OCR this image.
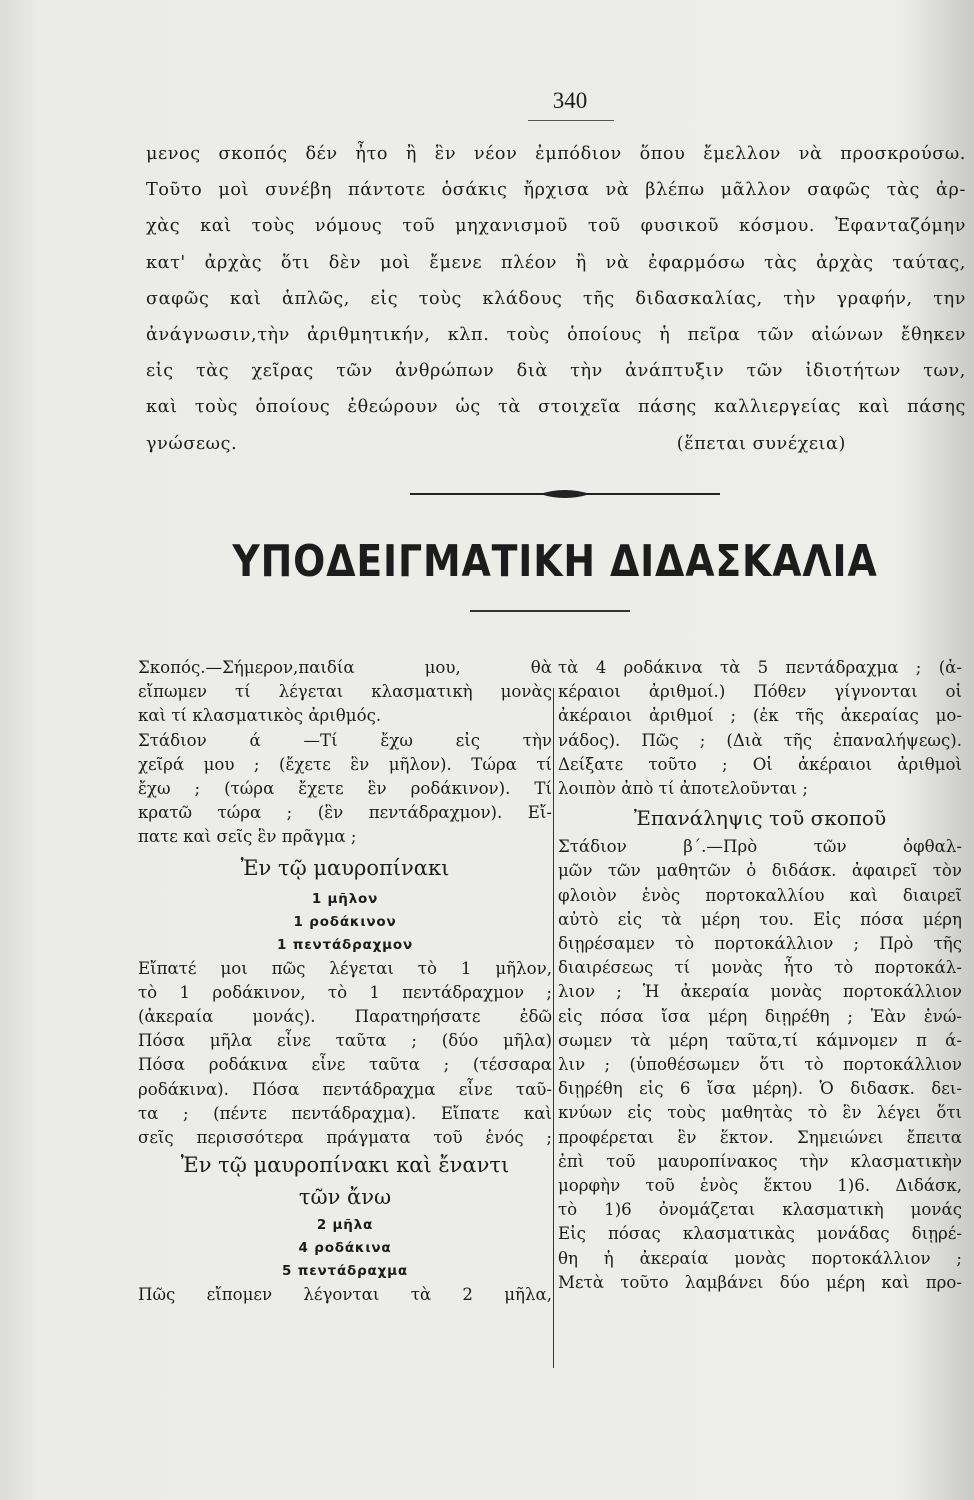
340
μενος σκοπός δέν ἦτο ἢ ἓν νέον ἐμπόδιον ὅπου ἔμελλον νὰ προσκρούσω.
Τοῦτο μοὶ συνέβη πάντοτε ὁσάκις ἤρχισα νὰ βλέπω μᾶλλον σαφῶς τὰς ἀρ-
χὰς καὶ τοὺς νόμους τοῦ μηχανισμοῦ τοῦ φυσικοῦ κόσμου. Ἐφανταζόμην
κατ' ἀρχὰς ὅτι δὲν μοὶ ἔμενε πλέον ἢ νὰ ἐφαρμόσω τὰς ἀρχὰς ταύτας,
σαφῶς καὶ ἁπλῶς, εἰς τοὺς κλάδους τῆς διδασκαλίας, τὴν γραφήν, την
ἀνάγνωσιν,τὴν ἀριθμητικήν, κλπ. τοὺς ὁποίους ἡ πεῖρα τῶν αἰώνων ἔθηκεν
εἰς τὰς χεῖρας τῶν ἀνθρώπων διὰ τὴν ἀνάπτυξιν τῶν ἰδιοτήτων των,
καὶ τοὺς ὁποίους ἐθεώρουν ὡς τὰ στοιχεῖα πάσης καλλιεργείας καὶ πάσης
γνώσεως.	(ἕπεται συνέχεια)
ΥΠΟΔΕΙΓΜΑΤΙΚΗ ΔΙΔΑΣΚΑΛΙΑ
Σκοπός.—Σήμερον,παιδία μου, θὰ
εἴπωμεν τί λέγεται κλασματικὴ μονὰς
καὶ τί κλασματικὸς ἀριθμός.
Στάδιον ά —Τί ἔχω εἰς τὴν
χεῖρά μου ; (ἔχετε ἓν μῆλον). Τώρα τί
ἔχω ; (τώρα ἔχετε ἓν ροδάκινον). Τί
κρατῶ τώρα ; (ἓν πεντάδραχμον). Εἴ-
πατε καὶ σεῖς ἓν πρᾶγμα ;
Ἐν τῷ μαυροπίνακι
1 μῆλον
1 ροδάκινον
1 πεντάδραχμον
Εἴπατέ μοι πῶς λέγεται τὸ 1 μῆλον,
τὸ 1 ροδάκινον, τὸ 1 πεντάδραχμον ;
(ἀκεραία μονάς). Παρατηρήσατε ἐδῶ
Πόσα μῆλα εἶνε ταῦτα ; (δύο μῆλα)
Πόσα ροδάκινα εἶνε ταῦτα ; (τέσσαρα
ροδάκινα). Πόσα πεντάδραχμα εἶνε ταῦ-
τα ; (πέντε πεντάδραχμα). Εἴπατε καὶ
σεῖς περισσότερα πράγματα τοῦ ἑνός ;
Ἐν τῷ μαυροπίνακι καὶ ἔναντι
τῶν ἄνω
2 μῆλα
4 ροδάκινα
5 πεντάδραχμα
Πῶς εἴπομεν λέγονται τὰ 2 μῆλα,
τὰ 4 ροδάκινα τὰ 5 πεντάδραχμα ; (ἀ-
κέραιοι ἀριθμοί.) Πόθεν γίγνονται οἱ
ἀκέραιοι ἀριθμοί ; (ἐκ τῆς ἀκεραίας μο-
νάδος). Πῶς ; (Διὰ τῆς ἐπαναλήψεως).
Δείξατε τοῦτο ; Οἱ ἀκέραιοι ἀριθμοὶ
λοιπὸν ἀπὸ τί ἀποτελοῦνται ;
Ἐπανάληψις τοῦ σκοποῦ
Στάδιον β΄.—Πρὸ τῶν ὀφθαλ-
μῶν τῶν μαθητῶν ὁ διδάσκ. ἀφαιρεῖ τὸν
φλοιὸν ἑνὸς πορτοκαλλίου καὶ διαιρεῖ
αὐτὸ εἰς τὰ μέρη του. Εἰς πόσα μέρη
διῃρέσαμεν τὸ πορτοκάλλιον ; Πρὸ τῆς
διαιρέσεως τί μονὰς ἦτο τὸ πορτοκάλ-
λιον ; Ἡ ἀκεραία μονὰς πορτοκάλλιον
εἰς πόσα ἴσα μέρη διῃρέθη ; Ἐὰν ἑνώ-
σωμεν τὰ μέρη ταῦτα,τί κάμνομεν π ά-
λιν ; (ὑποθέσωμεν ὅτι τὸ πορτοκάλλιον
διῃρέθη εἰς 6 ἴσα μέρη). Ὁ διδασκ. δει-
κνύων εἰς τοὺς μαθητὰς τὸ ἓν λέγει ὅτι
προφέρεται ἓν ἕκτον. Σημειώνει ἔπειτα
ἐπὶ τοῦ μαυροπίνακος τὴν κλασματικὴν
μορφὴν τοῦ ἑνὸς ἕκτου 1)6. Διδάσκ,
τὸ 1)6 ὀνομάζεται κλασματικὴ μονάς
Εἰς πόσας κλασματικὰς μονάδας διῃρέ-
θη ἡ ἀκεραία μονὰς πορτοκάλλιον ;
Μετὰ τοῦτο λαμβάνει δύο μέρη καὶ προ-
